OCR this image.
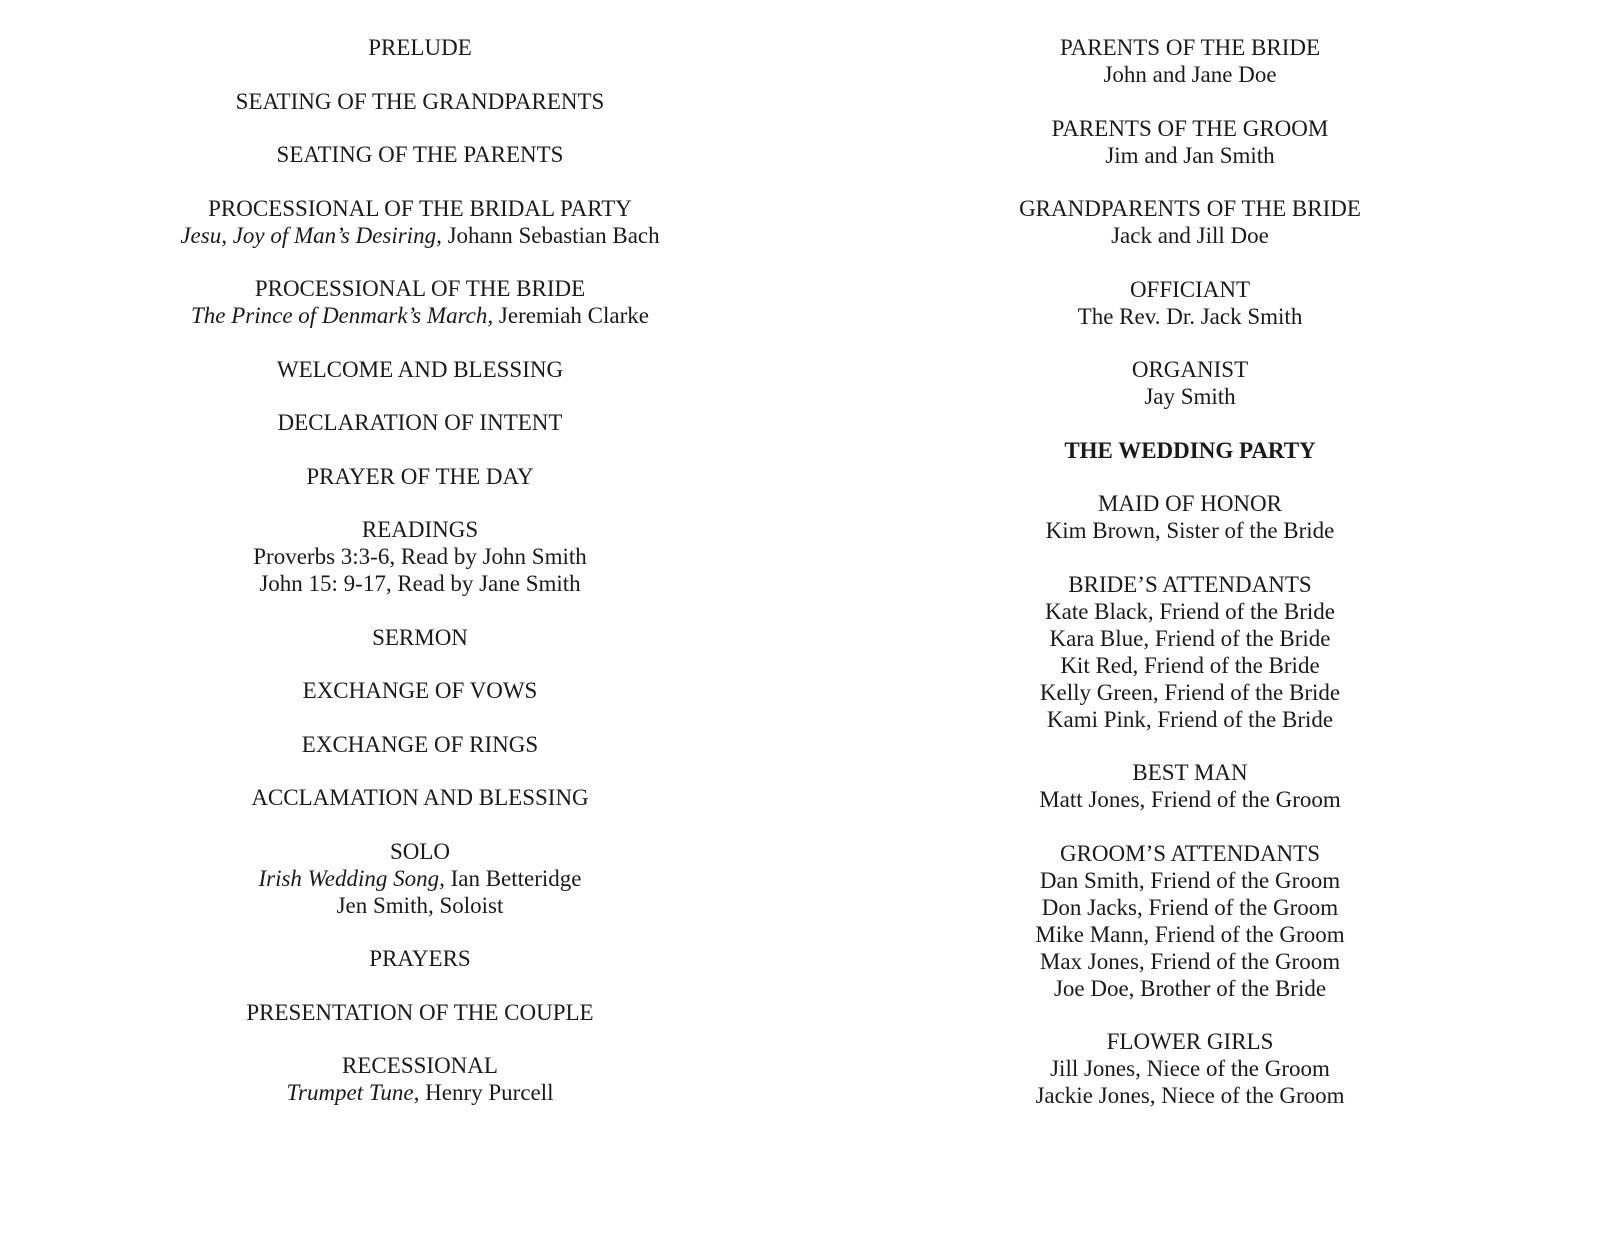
PRELUDE
SEATING OF THE GRANDPARENTS
SEATING OF THE PARENTS
PROCESSIONAL OF THE BRIDAL PARTY
Jesu, Joy of Man’s Desiring, Johann Sebastian Bach
PROCESSIONAL OF THE BRIDE
The Prince of Denmark’s March, Jeremiah Clarke
WELCOME AND BLESSING
DECLARATION OF INTENT
PRAYER OF THE DAY
READINGS
Proverbs 3:3-6, Read by John Smith
John 15: 9-17, Read by Jane Smith
SERMON
EXCHANGE OF VOWS
EXCHANGE OF RINGS
ACCLAMATION AND BLESSING
SOLO
Irish Wedding Song, Ian Betteridge
Jen Smith, Soloist
PRAYERS
PRESENTATION OF THE COUPLE
RECESSIONAL
Trumpet Tune, Henry Purcell
PARENTS OF THE BRIDE
John and Jane Doe
PARENTS OF THE GROOM
Jim and Jan Smith
GRANDPARENTS OF THE BRIDE
Jack and Jill Doe
OFFICIANT
The Rev. Dr. Jack Smith
ORGANIST
Jay Smith
THE WEDDING PARTY
MAID OF HONOR
Kim Brown, Sister of the Bride
BRIDE’S ATTENDANTS
Kate Black, Friend of the Bride
Kara Blue, Friend of the Bride
Kit Red, Friend of the Bride
Kelly Green, Friend of the Bride
Kami Pink, Friend of the Bride
BEST MAN
Matt Jones, Friend of the Groom
GROOM’S ATTENDANTS
Dan Smith, Friend of the Groom
Don Jacks, Friend of the Groom
Mike Mann, Friend of the Groom
Max Jones, Friend of the Groom
Joe Doe, Brother of the Bride
FLOWER GIRLS
Jill Jones, Niece of the Groom
Jackie Jones, Niece of the Groom
